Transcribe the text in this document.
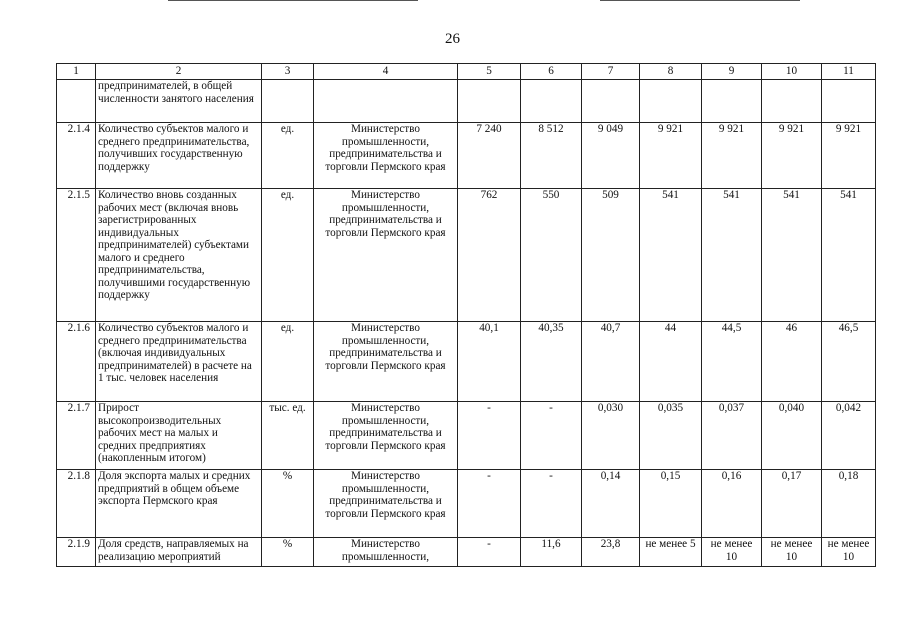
26
1	2	3	4	5	6	7	8	9	10	11
	предпринимателей, в общей численности занятого населения									
2.1.4	Количество субъектов малого и среднего предпринимательства, получивших государственную поддержку	ед.	Министерство промышленности, предпринимательства и торговли Пермского края	7 240	8 512	9 049	9 921	9 921	9 921	9 921
2.1.5	Количество вновь созданных рабочих мест (включая вновь зарегистрированных индивидуальных предпринимателей) субъектами малого и среднего предпринимательства, получившими государственную поддержку	ед.	Министерство промышленности, предпринимательства и торговли Пермского края	762	550	509	541	541	541	541
2.1.6	Количество субъектов малого и среднего предпринимательства (включая индивидуальных предпринимателей) в расчете на 1 тыс. человек населения	ед.	Министерство промышленности, предпринимательства и торговли Пермского края	40,1	40,35	40,7	44	44,5	46	46,5
2.1.7	Прирост высокопроизводительных рабочих мест на малых и средних предприятиях (накопленным итогом)	тыс. ед.	Министерство промышленности, предпринимательства и торговли Пермского края	-	-	0,030	0,035	0,037	0,040	0,042
2.1.8	Доля экспорта малых и средних предприятий в общем объеме экспорта Пермского края	%	Министерство промышленности, предпринимательства и торговли Пермского края	-	-	0,14	0,15	0,16	0,17	0,18
2.1.9	Доля средств, направляемых на реализацию мероприятий	%	Министерство промышленности,	-	11,6	23,8	не менее 5	не менее 10	не менее 10	не менее 10
